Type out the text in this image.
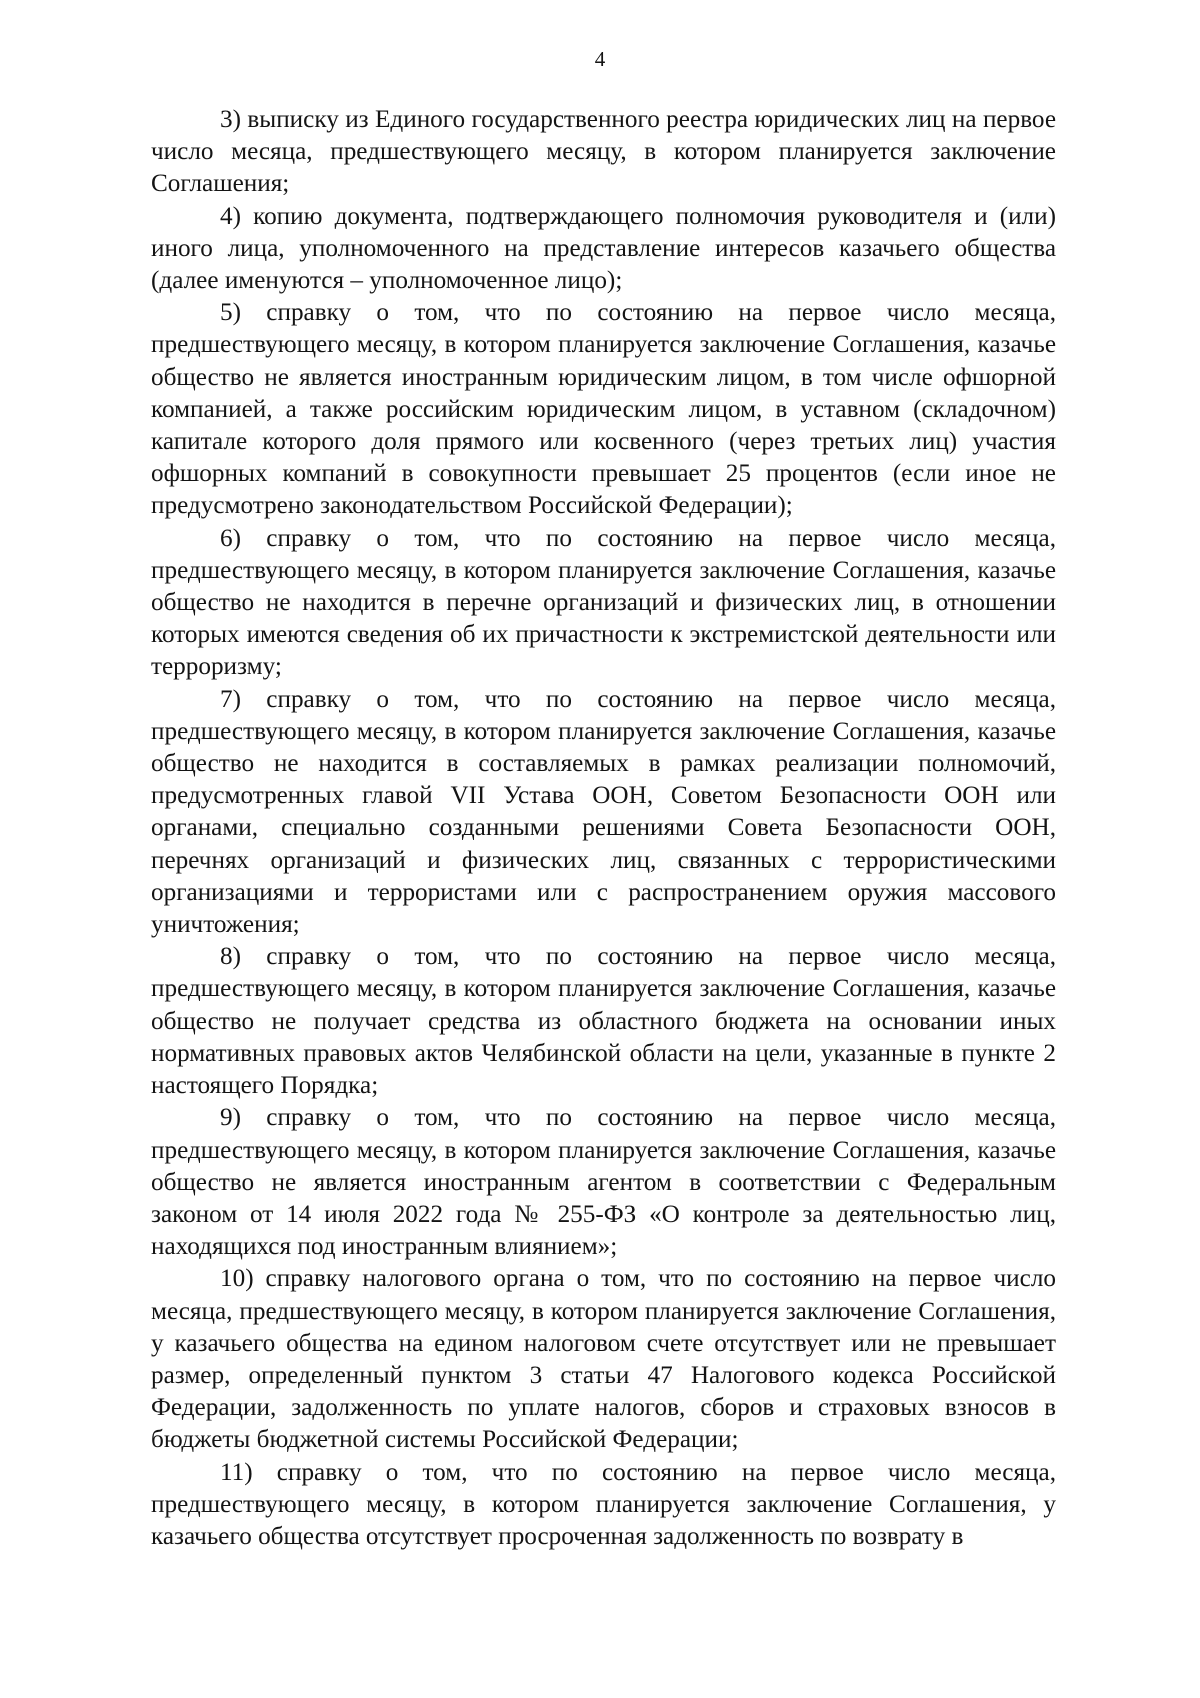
4

3) выписку из Единого государственного реестра юридических лиц на первое число месяца, предшествующего месяцу, в котором планируется заключение Соглашения;

4) копию документа, подтверждающего полномочия руководителя и (или) иного лица, уполномоченного на представление интересов казачьего общества (далее именуются – уполномоченное лицо);

5) справку о том, что по состоянию на первое число месяца, предшествующего месяцу, в котором планируется заключение Соглашения, казачье общество не является иностранным юридическим лицом, в том числе офшорной компанией, а также российским юридическим лицом, в уставном (складочном) капитале которого доля прямого или косвенного (через третьих лиц) участия офшорных компаний в совокупности превышает 25 процентов (если иное не предусмотрено законодательством Российской Федерации);

6) справку о том, что по состоянию на первое число месяца, предшествующего месяцу, в котором планируется заключение Соглашения, казачье общество не находится в перечне организаций и физических лиц, в отношении которых имеются сведения об их причастности к экстремистской деятельности или терроризму;

7) справку о том, что по состоянию на первое число месяца, предшествующего месяцу, в котором планируется заключение Соглашения, казачье общество не находится в составляемых в рамках реализации полномочий, предусмотренных главой VII Устава ООН, Советом Безопасности ООН или органами, специально созданными решениями Совета Безопасности ООН, перечнях организаций и физических лиц, связанных с террористическими организациями и террористами или с распространением оружия массового уничтожения;

8) справку о том, что по состоянию на первое число месяца, предшествующего месяцу, в котором планируется заключение Соглашения, казачье общество не получает средства из областного бюджета на основании иных нормативных правовых актов Челябинской области на цели, указанные в пункте 2 настоящего Порядка;

9) справку о том, что по состоянию на первое число месяца, предшествующего месяцу, в котором планируется заключение Соглашения, казачье общество не является иностранным агентом в соответствии с Федеральным законом от 14 июля 2022 года № 255-ФЗ «О контроле за деятельностью лиц, находящихся под иностранным влиянием»;

10) справку налогового органа о том, что по состоянию на первое число месяца, предшествующего месяцу, в котором планируется заключение Соглашения, у казачьего общества на едином налоговом счете отсутствует или не превышает размер, определенный пунктом 3 статьи 47 Налогового кодекса Российской Федерации, задолженность по уплате налогов, сборов и страховых взносов в бюджеты бюджетной системы Российской Федерации;

11) справку о том, что по состоянию на первое число месяца, предшествующего месяцу, в котором планируется заключение Соглашения, у казачьего общества отсутствует просроченная задолженность по возврату в
